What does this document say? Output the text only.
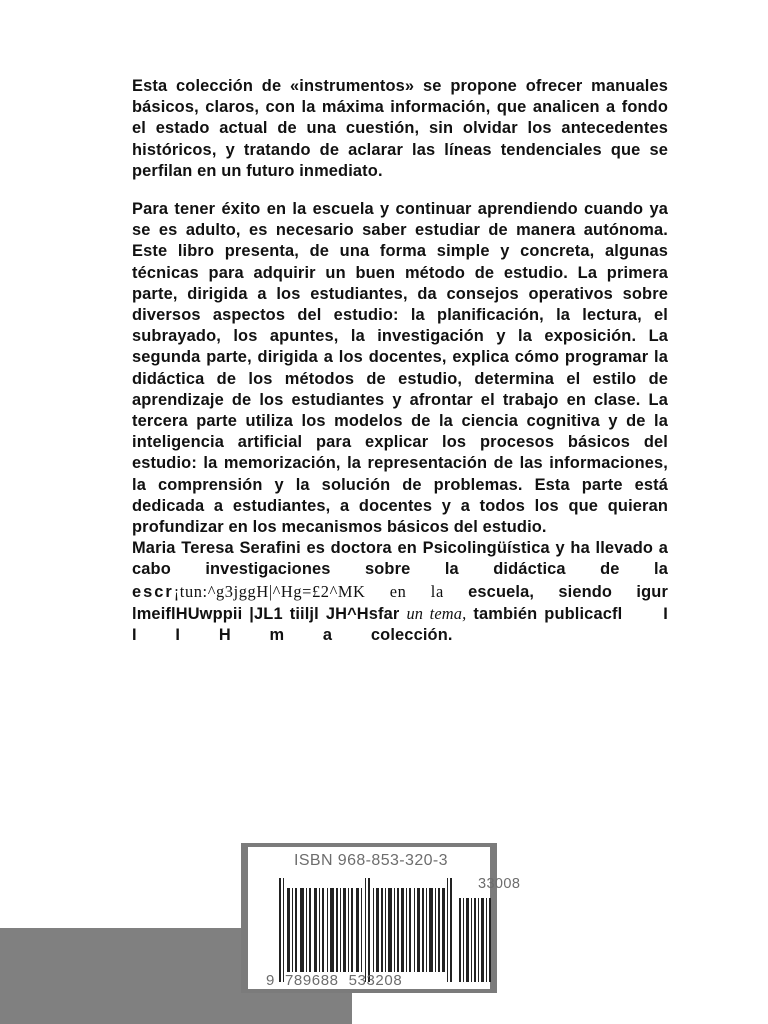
Esta colección de «instrumentos» se propone ofrecer manuales básicos, claros, con la máxima información, que analicen a fondo el estado actual de una cuestión, sin olvidar los antecedentes históricos, y tratando de aclarar las líneas tendenciales que se perfilan en un futuro inmediato.

Para tener éxito en la escuela y continuar aprendiendo cuando ya se es adulto, es necesario saber estudiar de manera autónoma. Este libro presenta, de una forma simple y concreta, algunas técnicas para adquirir un buen método de estudio. La primera parte, dirigida a los estudiantes, da consejos operativos sobre diversos aspectos del estudio: la planificación, la lectura, el subrayado, los apuntes, la investigación y la exposición. La segunda parte, dirigida a los docentes, explica cómo programar la didáctica de los métodos de estudio, determina el estilo de aprendizaje de los estudiantes y afrontar el trabajo en clase. La tercera parte utiliza los modelos de la ciencia cognitiva y de la inteligencia artificial para explicar los procesos básicos del estudio: la memorización, la representación de las informaciones, la comprensión y la solución de problemas. Esta parte está dedicada a estudiantes, a docentes y a todos los que quieran profundizar en los mecanismos básicos del estudio.

Maria Teresa Serafini es doctora en Psicolingüística y ha llevado a cabo investigaciones sobre la didáctica de la escr¡tun:^g3jggH|^Hg=£2^MK en la escuela, siendo igur lmeiflHUwppii |JL1 tiiljl JH^Hsfar un tema, también publicacfl I I I H m a colección.

ISBN 968-853-320-3
33008
9 789688 533208
